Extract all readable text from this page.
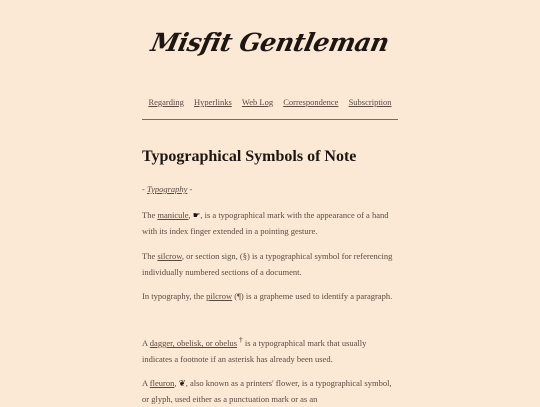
Misfit Gentleman
Regarding Hyperlinks Web Log Correspondence Subscription
Typographical Symbols of Note
- Typography -

The manicule, ☛, is a typographical mark with the appearance of a hand with its index finger extended in a pointing gesture.

The silcrow, or section sign, (§) is a typographical symbol for referencing individually numbered sections of a document.

In typography, the pilcrow (¶) is a grapheme used to identify a paragraph.

A dagger, obelisk, or obelus † is a typographical mark that usually indicates a footnote if an asterisk has already been used.

A fleuron, ❦, also known as a printers' flower, is a typographical symbol, or glyph, used either as a punctuation mark or as an
